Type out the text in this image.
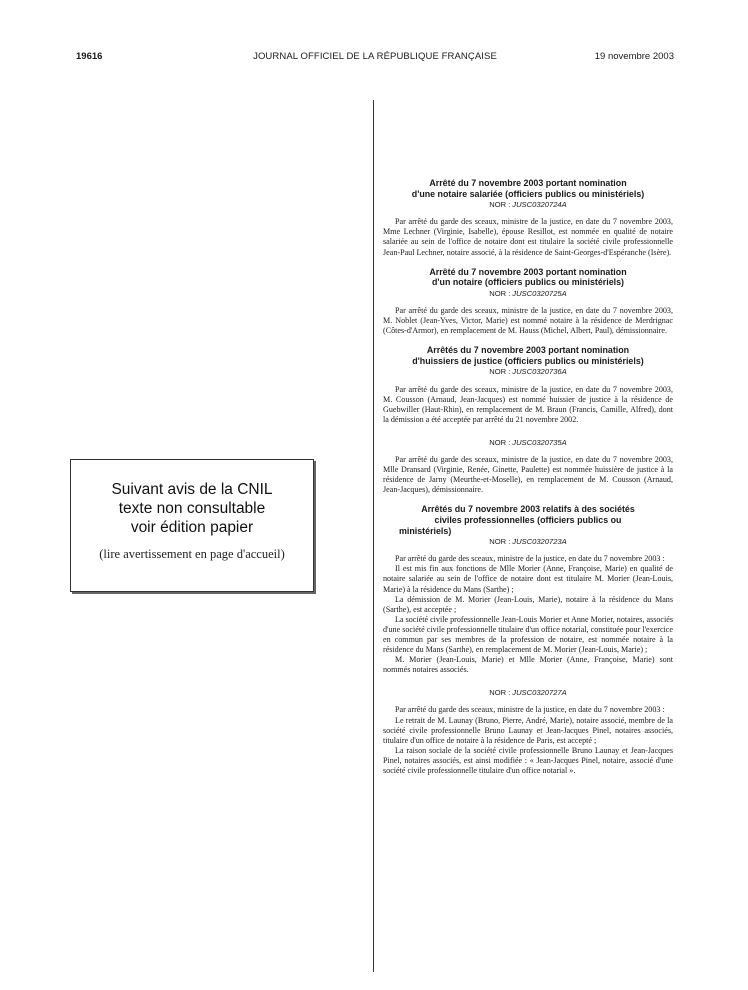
19616	JOURNAL OFFICIEL DE LA RÉPUBLIQUE FRANÇAISE	19 novembre 2003
Suivant avis de la CNIL
texte non consultable
voir édition papier
(lire avertissement en page d'accueil)
Arrêté du 7 novembre 2003 portant nomination
d'une notaire salariée (officiers publics ou ministériels)
NOR : JUSC0320724A

Par arrêté du garde des sceaux, ministre de la justice, en date du 7 novembre 2003, Mme Lechner (Virginie, Isabelle), épouse Resillot, est nommée en qualité de notaire salariée au sein de l'office de notaire dont est titulaire la société civile professionnelle Jean-Paul Lechner, notaire associé, à la résidence de Saint-Georges-d'Espéranche (Isère).

Arrêté du 7 novembre 2003 portant nomination
d'un notaire (officiers publics ou ministériels)
NOR : JUSC0320725A

Par arrêté du garde des sceaux, ministre de la justice, en date du 7 novembre 2003, M. Noblet (Jean-Yves, Victor, Marie) est nommé notaire à la résidence de Merdrignac (Côtes-d'Armor), en remplacement de M. Hauss (Michel, Albert, Paul), démissionnaire.

Arrêtés du 7 novembre 2003 portant nomination
d'huissiers de justice (officiers publics ou ministériels)
NOR : JUSC0320736A

Par arrêté du garde des sceaux, ministre de la justice, en date du 7 novembre 2003, M. Cousson (Arnaud, Jean-Jacques) est nommé huissier de justice à la résidence de Guebwiller (Haut-Rhin), en remplacement de M. Braun (Francis, Camille, Alfred), dont la démission a été acceptée par arrêté du 21 novembre 2002.

NOR : JUSC0320735A

Par arrêté du garde des sceaux, ministre de la justice, en date du 7 novembre 2003, Mlle Dransard (Virginie, Renée, Ginette, Paulette) est nommée huissière de justice à la résidence de Jarny (Meurthe-et-Moselle), en remplacement de M. Cousson (Arnaud, Jean-Jacques), démissionnaire.

Arrêtés du 7 novembre 2003 relatifs à des sociétés
civiles professionnelles (officiers publics ou
ministériels)
NOR : JUSC0320723A

Par arrêté du garde des sceaux, ministre de la justice, en date du 7 novembre 2003 :

Il est mis fin aux fonctions de Mlle Morier (Anne, Françoise, Marie) en qualité de notaire salariée au sein de l'office de notaire dont est titulaire M. Morier (Jean-Louis, Marie) à la résidence du Mans (Sarthe) ;

La démission de M. Morier (Jean-Louis, Marie), notaire à la résidence du Mans (Sarthe), est acceptée ;

La société civile professionnelle Jean-Louis Morier et Anne Morier, notaires, associés d'une société civile professionnelle titulaire d'un office notarial, constituée pour l'exercice en commun par ses membres de la profession de notaire, est nommée notaire à la résidence du Mans (Sarthe), en remplacement de M. Morier (Jean-Louis, Marie) ;

M. Morier (Jean-Louis, Marie) et Mlle Morier (Anne, Françoise, Marie) sont nommés notaires associés.

NOR : JUSC0320727A

Par arrêté du garde des sceaux, ministre de la justice, en date du 7 novembre 2003 :

Le retrait de M. Launay (Bruno, Pierre, André, Marie), notaire associé, membre de la société civile professionnelle Bruno Launay et Jean-Jacques Pinel, notaires associés, titulaire d'un office de notaire à la résidence de Paris, est accepté ;

La raison sociale de la société civile professionnelle Bruno Launay et Jean-Jacques Pinel, notaires associés, est ainsi modifiée : « Jean-Jacques Pinel, notaire, associé d'une société civile professionnelle titulaire d'un office notarial ».
